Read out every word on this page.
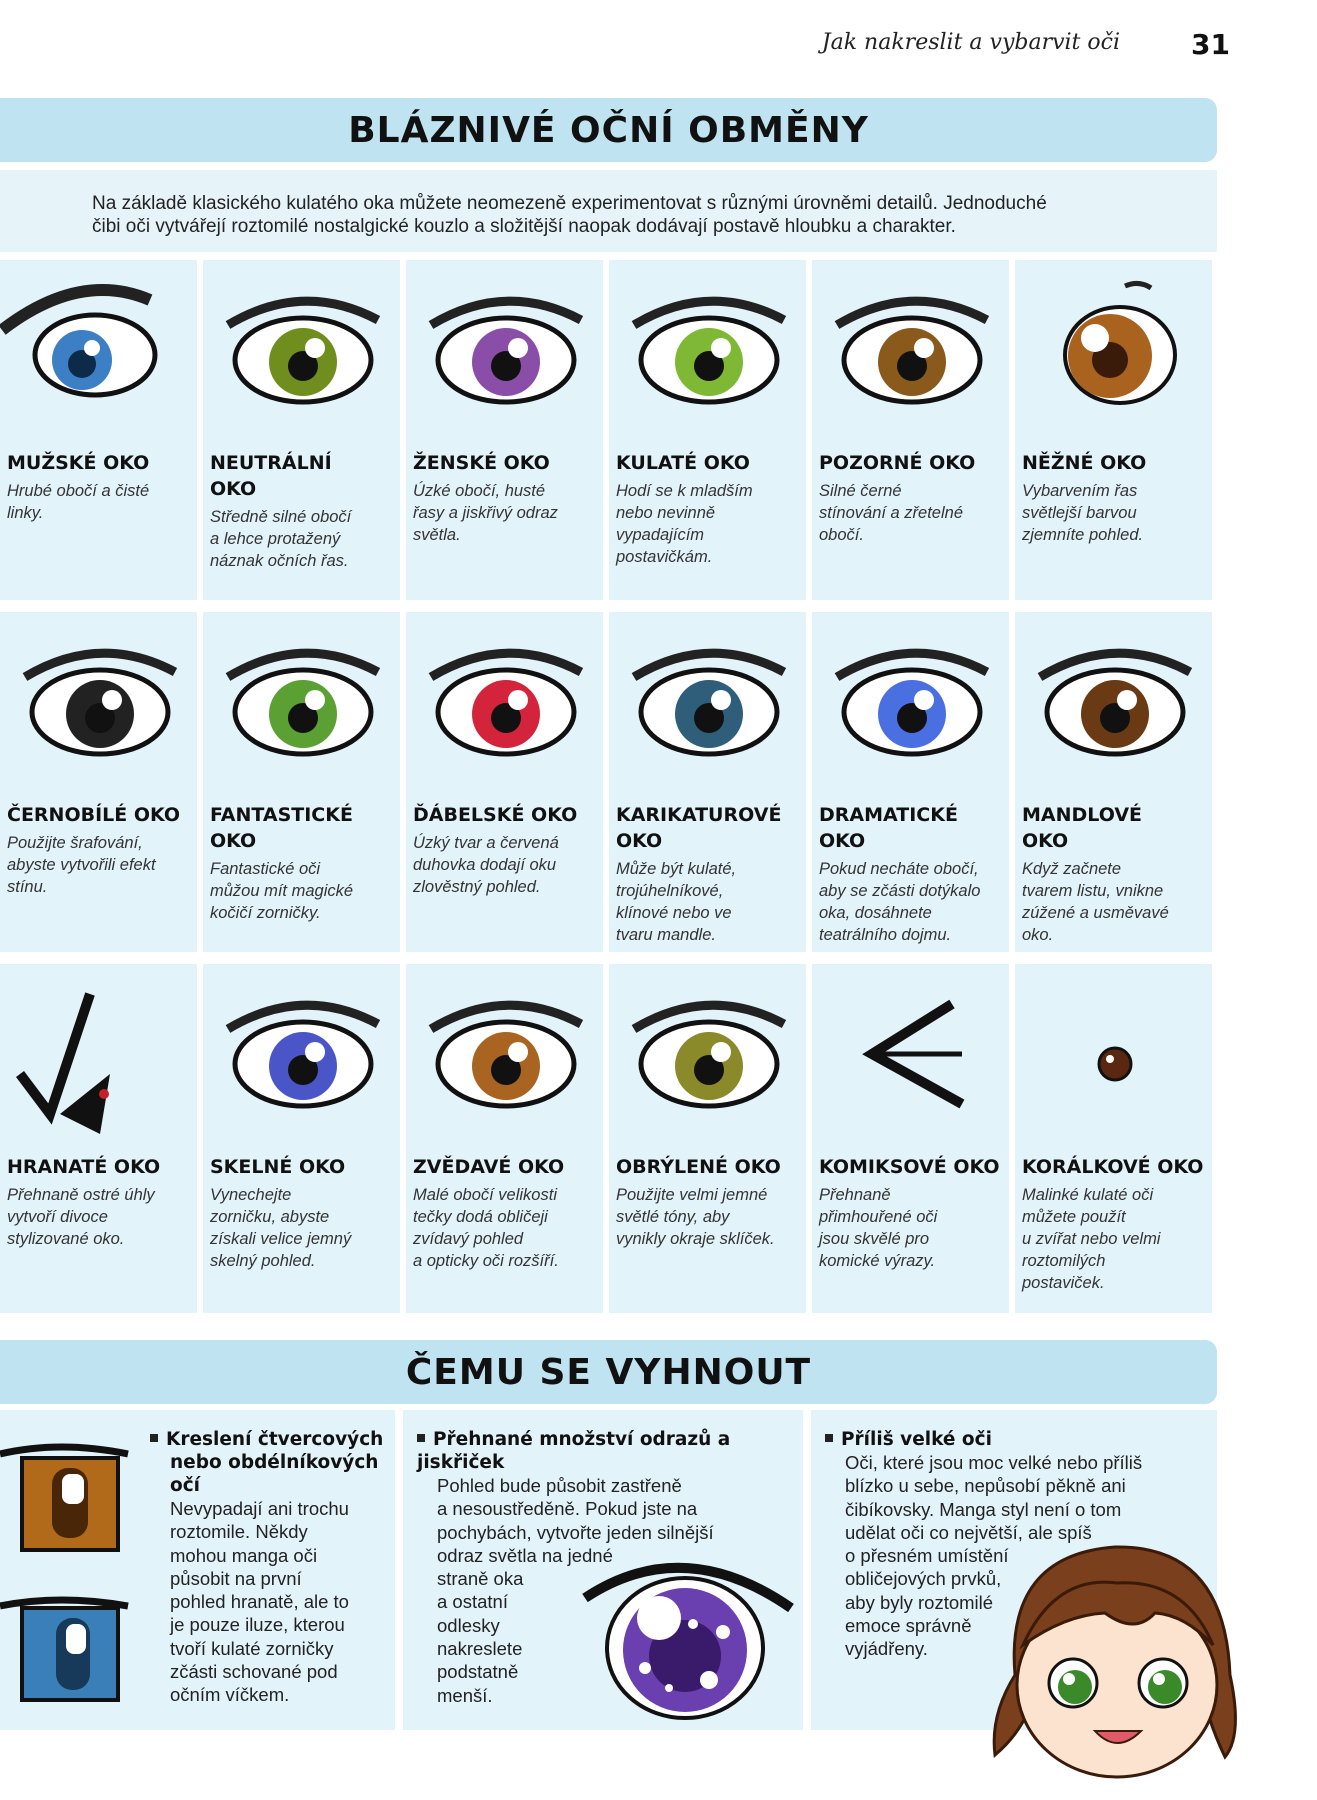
Jak nakreslit a vybarvit oči	31
BLÁZNIVÉ OČNÍ OBMĚNY
Na základě klasického kulatého oka můžete neomezeně experimentovat s různými úrovněmi detailů. Jednoduché
čibi oči vytvářejí roztomilé nostalgické kouzlo a složitější naopak dodávají postavě hloubku a charakter.
MUŽSKÉ OKO
Hrubé obočí a čisté
linky.
NEUTRÁLNÍ
OKO
Středně silné obočí
a lehce protažený
náznak očních řas.
ŽENSKÉ OKO
Úzké obočí, husté
řasy a jiskřivý odraz
světla.
KULATÉ OKO
Hodí se k mladším
nebo nevinně
vypadajícím
postavičkám.
POZORNÉ OKO
Silné černé
stínování a zřetelné
obočí.
NĚŽNÉ OKO
Vybarvením řas
světlejší barvou
zjemníte pohled.
ČERNOBÍLÉ OKO
Použijte šrafování,
abyste vytvořili efekt
stínu.
FANTASTICKÉ
OKO
Fantastické oči
můžou mít magické
kočičí zorničky.
ĎÁBELSKÉ OKO
Úzký tvar a červená
duhovka dodají oku
zlověstný pohled.
KARIKATUROVÉ
OKO
Může být kulaté,
trojúhelníkové,
klínové nebo ve
tvaru mandle.
DRAMATICKÉ
OKO
Pokud necháte obočí,
aby se zčásti dotýkalo
oka, dosáhnete
teatrálního dojmu.
MANDLOVÉ
OKO
Když začnete
tvarem listu, vnikne
zúžené a usměvavé
oko.
HRANATÉ OKO
Přehnaně ostré úhly
vytvoří divoce
stylizované oko.
SKELNÉ OKO
Vynechejte
zorničku, abyste
získali velice jemný
skelný pohled.
ZVĚDAVÉ OKO
Malé obočí velikosti
tečky dodá obličeji
zvídavý pohled
a opticky oči rozšíří.
OBRÝLENÉ OKO
Použijte velmi jemné
světlé tóny, aby
vynikly okraje sklíček.
KOMIKSOVÉ OKO
Přehnaně
přimhouřené oči
jsou skvělé pro
komické výrazy.
KORÁLKOVÉ OKO
Malinké kulaté oči
můžete použít
u zvířat nebo velmi
roztomilých
postaviček.
ČEMU SE VYHNOUT
Kreslení čtvercových
nebo obdélníkových očí
Nevypadají ani trochu
roztomile. Někdy
mohou manga oči
působit na první
pohled hranatě, ale to
je pouze iluze, kterou
tvoří kulaté zorničky
zčásti schované pod
očním víčkem.
Přehnané množství odrazů a jiskřiček
Pohled bude působit zastřeně
a nesoustředěně. Pokud jste na
pochybách, vytvořte jeden silnější
odraz světla na jedné
straně oka
a ostatní
odlesky
nakreslete
podstatně
menší.
Příliš velké oči
Oči, které jsou moc velké nebo příliš
blízko u sebe, nepůsobí pěkně ani
čibíkovsky. Manga styl není o tom
udělat oči co největší, ale spíš
o přesném umístění
obličejových prvků,
aby byly roztomilé
emoce správně
vyjádřeny.
